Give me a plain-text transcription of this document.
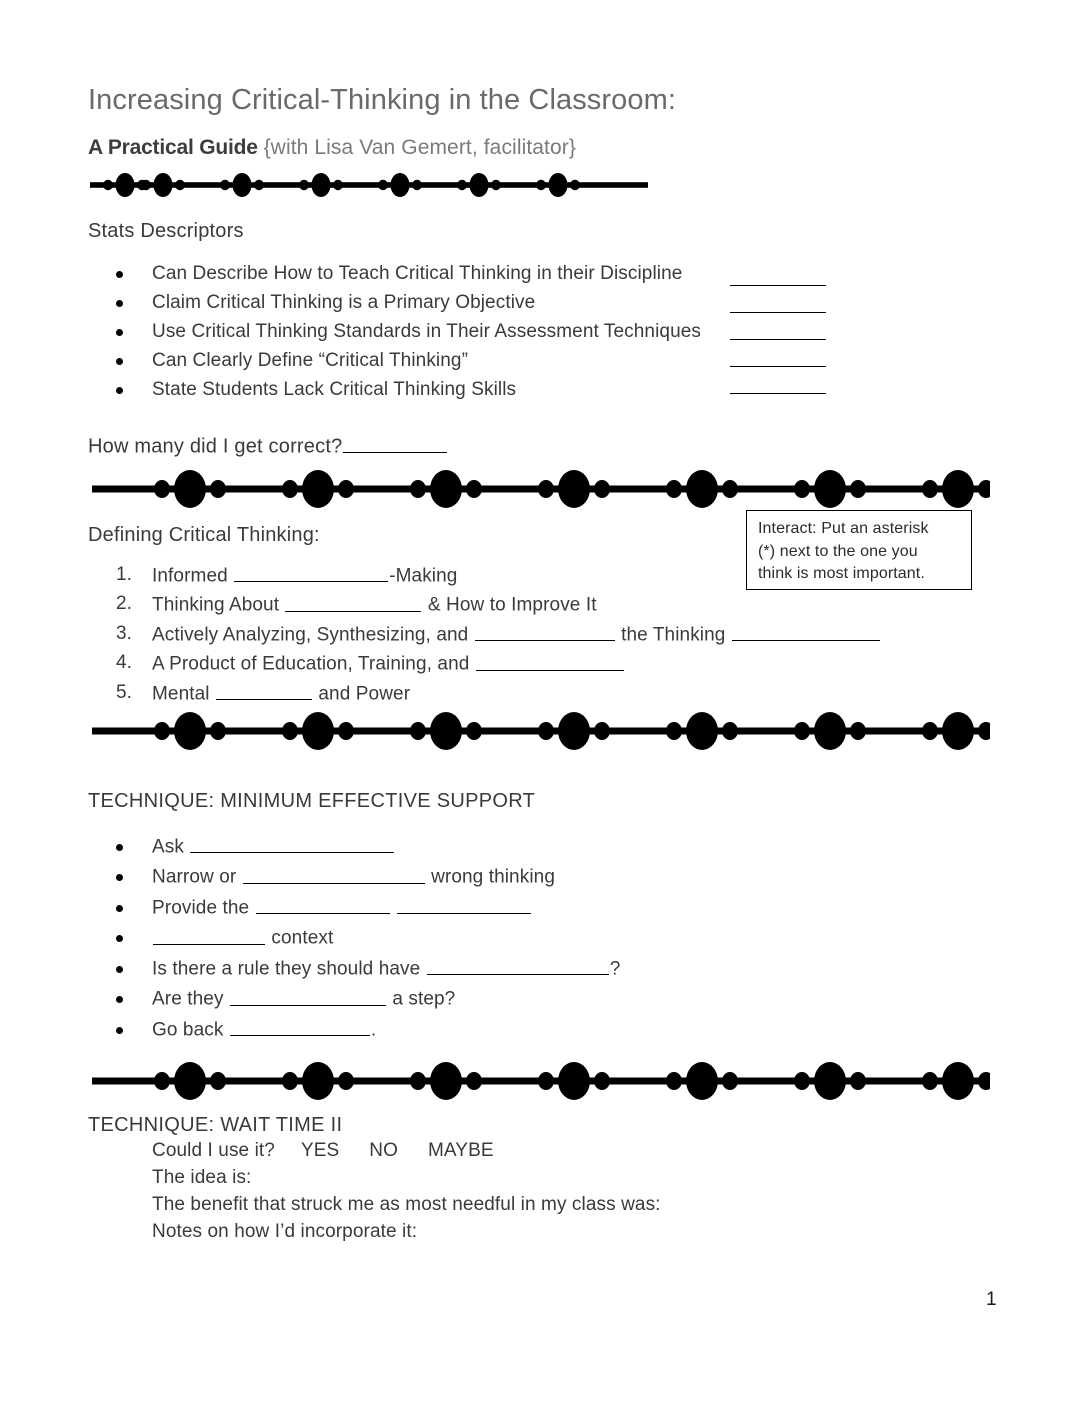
Increasing Critical-Thinking in the Classroom:
A Practical Guide {with Lisa Van Gemert, facilitator}
Stats Descriptors
Can Describe How to Teach Critical Thinking in their Discipline
Claim Critical Thinking is a Primary Objective
Use Critical Thinking Standards in Their Assessment Techniques
Can Clearly Define “Critical Thinking”
State Students Lack Critical Thinking Skills
How many did I get correct?
Defining Critical Thinking:
1.	Informed	-Making
2.	Thinking About	& How to Improve It
3.	Actively Analyzing, Synthesizing, and	the Thinking
4.	A Product of Education, Training, and
5.	Mental	and Power

Interact: Put an asterisk

(*) next to the one you

think is most important.

TECHNIQUE: MINIMUM EFFECTIVE SUPPORT
Ask
Narrow or	wrong thinking
Provide the
context
Is there a rule they should have	?
Are they	a step?
Go back	.
TECHNIQUE: WAIT TIME II
Could I use it? YES NO MAYBE
The idea is:
The benefit that struck me as most needful in my class was:
Notes on how I’d incorporate it:
1
